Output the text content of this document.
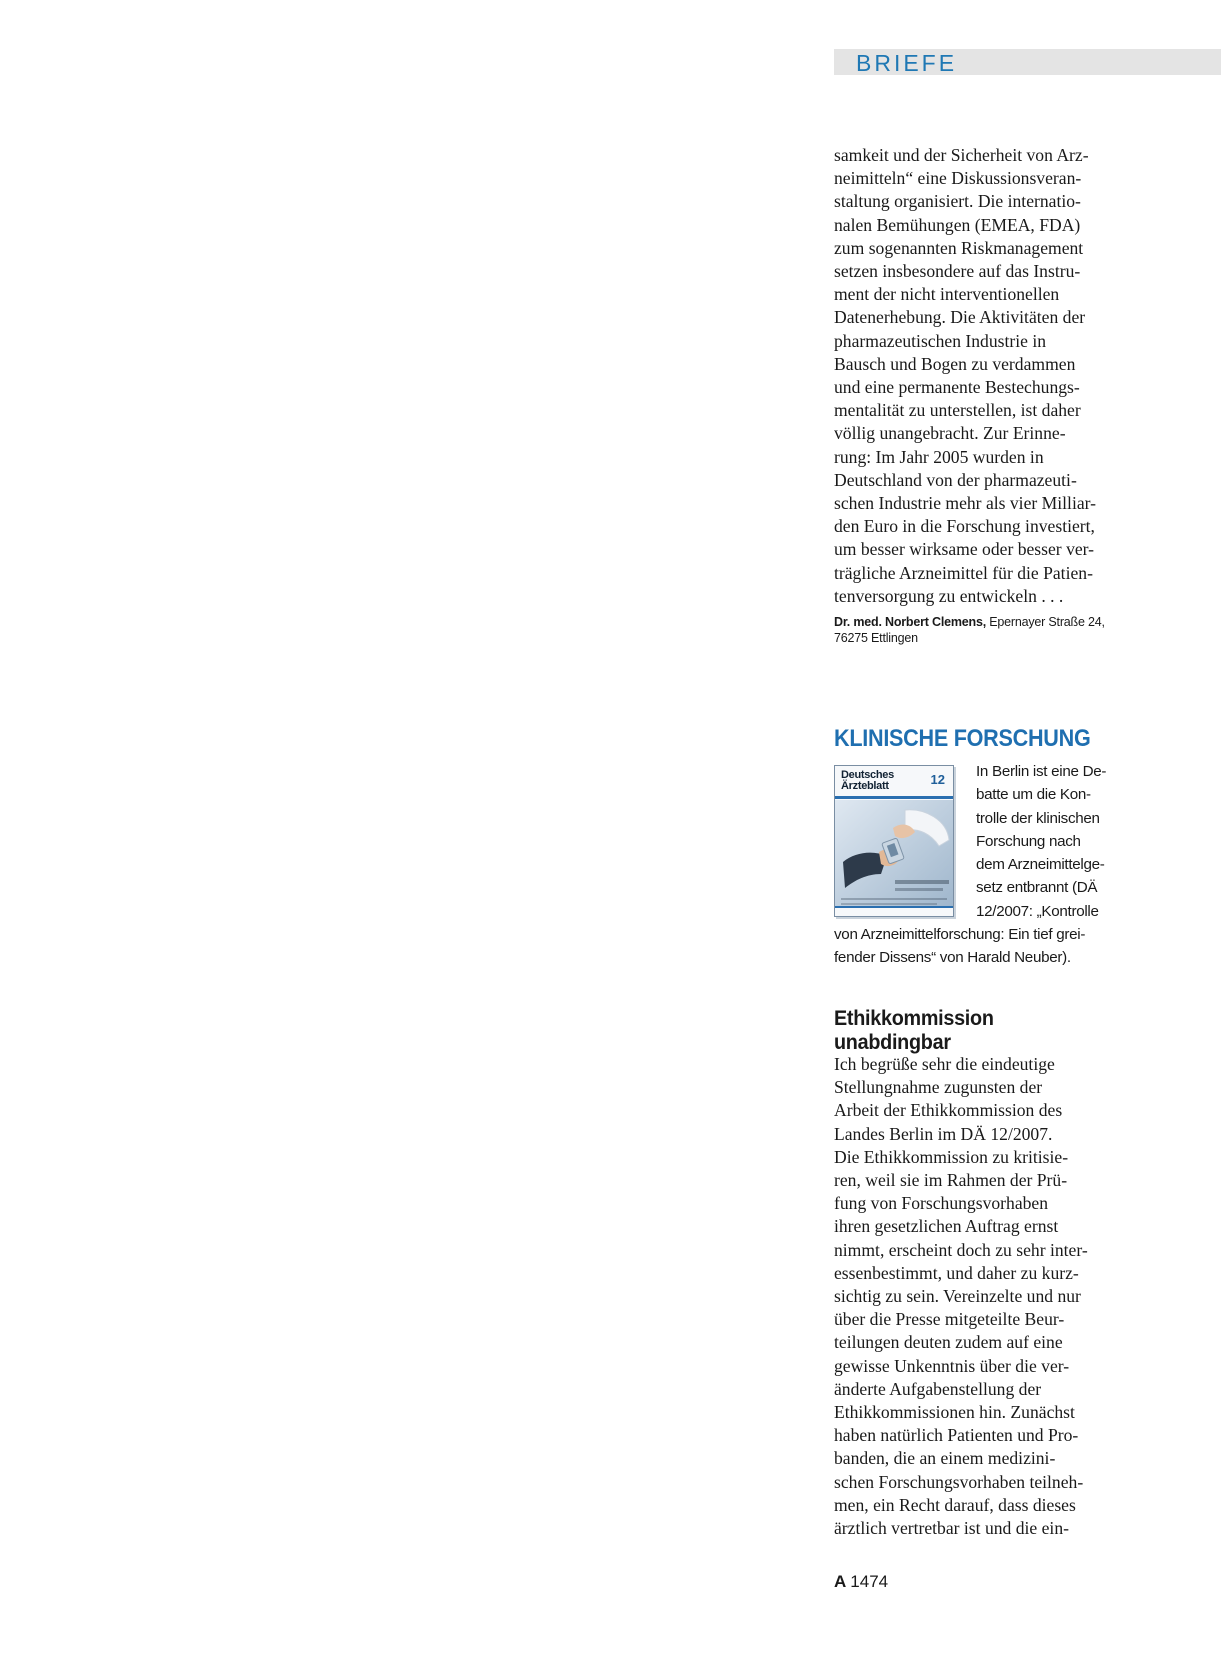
BRIEFE

samkeit und der Sicherheit von Arz-
neimitteln“ eine Diskussionsveran-
staltung organisiert. Die internatio-
nalen Bemühungen (EMEA, FDA)
zum sogenannten Riskmanagement
setzen insbesondere auf das Instru-
ment der nicht interventionellen
Datenerhebung. Die Aktivitäten der
pharmazeutischen Industrie in
Bausch und Bogen zu verdammen
und eine permanente Bestechungs-
mentalität zu unterstellen, ist daher
völlig unangebracht. Zur Erinne-
rung: Im Jahr 2005 wurden in
Deutschland von der pharmazeuti-
schen Industrie mehr als vier Milliar-
den Euro in die Forschung investiert,
um besser wirksame oder besser ver-
trägliche Arzneimittel für die Patien-
tenversorgung zu entwickeln . . .

Dr. med. Norbert Clemens, Epernayer Straße 24,
76275 Ettlingen
KLINISCHE FORSCHUNG
Deutsches
Ärzteblatt	12	In Berlin ist eine De-
batte um die Kon-
trolle der klinischen
Forschung nach
dem Arzneimittelge-
setz entbrannt (DÄ
12/2007: „Kontrolle
von Arzneimittelforschung: Ein tief grei-
fender Dissens“ von Harald Neuber).
Ethikkommission
unabdingbar

Ich begrüße sehr die eindeutige
Stellungnahme zugunsten der
Arbeit der Ethikkommission des
Landes Berlin im DÄ 12/2007.
Die Ethikkommission zu kritisie-
ren, weil sie im Rahmen der Prü-
fung von Forschungsvorhaben
ihren gesetzlichen Auftrag ernst
nimmt, erscheint doch zu sehr inter-
essenbestimmt, und daher zu kurz-
sichtig zu sein. Vereinzelte und nur
über die Presse mitgeteilte Beur-
teilungen deuten zudem auf eine
gewisse Unkenntnis über die ver-
änderte Aufgabenstellung der
Ethikkommissionen hin. Zunächst
haben natürlich Patienten und Pro-
banden, die an einem medizini-
schen Forschungsvorhaben teilneh-
men, ein Recht darauf, dass dieses
ärztlich vertretbar ist und die ein-

A 1474
